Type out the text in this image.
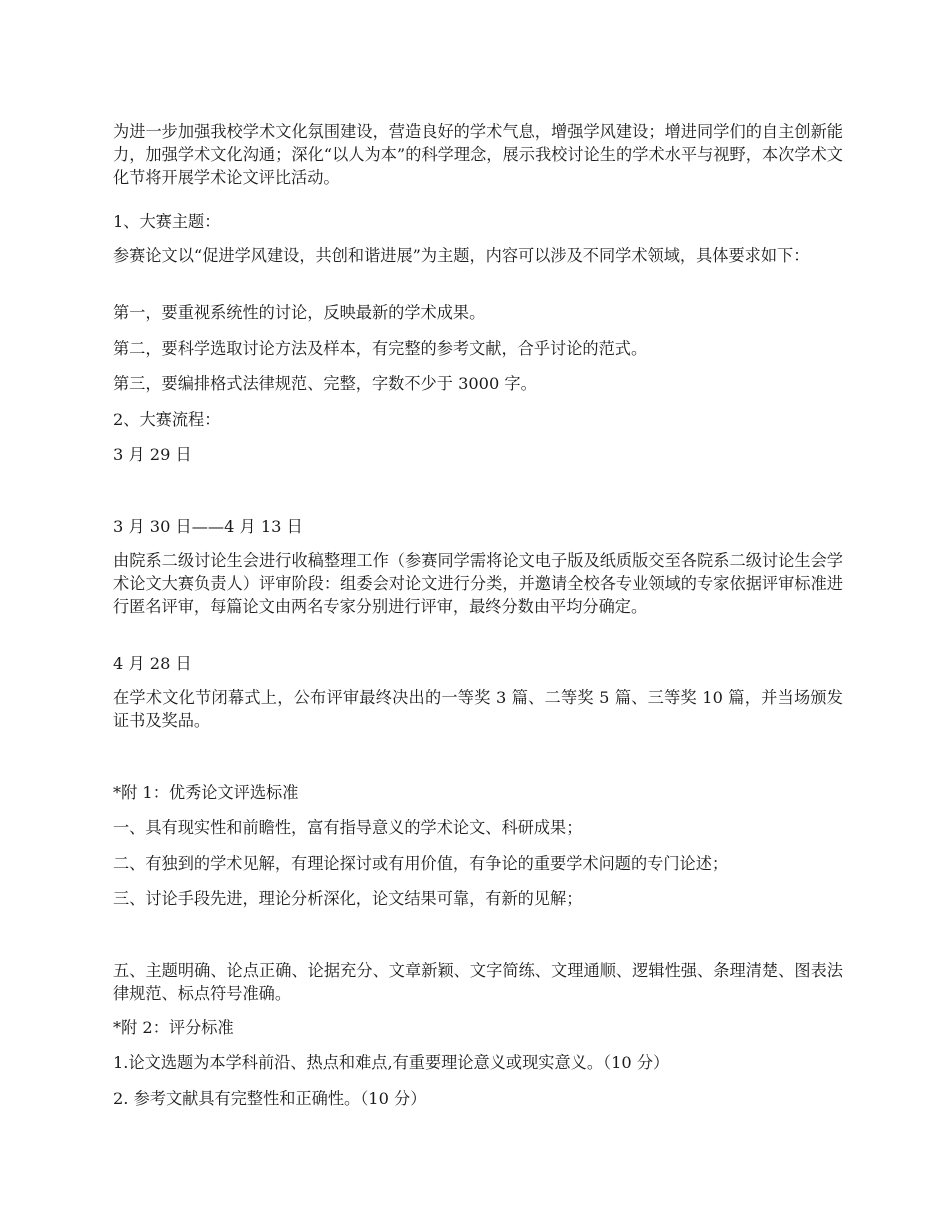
为进一步加强我校学术文化氛围建设，营造良好的学术气息，增强学风建设；增进同学们的自主创新能力，加强学术文化沟通；深化“以人为本”的科学理念，展示我校讨论生的学术水平与视野，本次学术文化节将开展学术论文评比活动。

1、大赛主题：

参赛论文以“促进学风建设，共创和谐进展”为主题，内容可以涉及不同学术领域，具体要求如下：

第一，要重视系统性的讨论，反映最新的学术成果。

第二，要科学选取讨论方法及样本，有完整的参考文献，合乎讨论的范式。

第三，要编排格式法律规范、完整，字数不少于 3000 字。

2、大赛流程：

3 月 29 日

3 月 30 日——4 月 13 日

由院系二级讨论生会进行收稿整理工作（参赛同学需将论文电子版及纸质版交至各院系二级讨论生会学术论文大赛负责人）评审阶段：组委会对论文进行分类，并邀请全校各专业领域的专家依据评审标准进行匿名评审，每篇论文由两名专家分别进行评审，最终分数由平均分确定。

4 月 28 日

在学术文化节闭幕式上，公布评审最终决出的一等奖 3 篇、二等奖 5 篇、三等奖 10 篇，并当场颁发证书及奖品。

*附 1：优秀论文评选标准

一、具有现实性和前瞻性，富有指导意义的学术论文、科研成果；

二、有独到的学术见解，有理论探讨或有用价值，有争论的重要学术问题的专门论述；

三、讨论手段先进，理论分析深化，论文结果可靠，有新的见解；

五、主题明确、论点正确、论据充分、文章新颖、文字简练、文理通顺、逻辑性强、条理清楚、图表法律规范、标点符号准确。

*附 2：评分标准

1.论文选题为本学科前沿、热点和难点,有重要理论意义或现实意义。（10 分）

2. 参考文献具有完整性和正确性。（10 分）
